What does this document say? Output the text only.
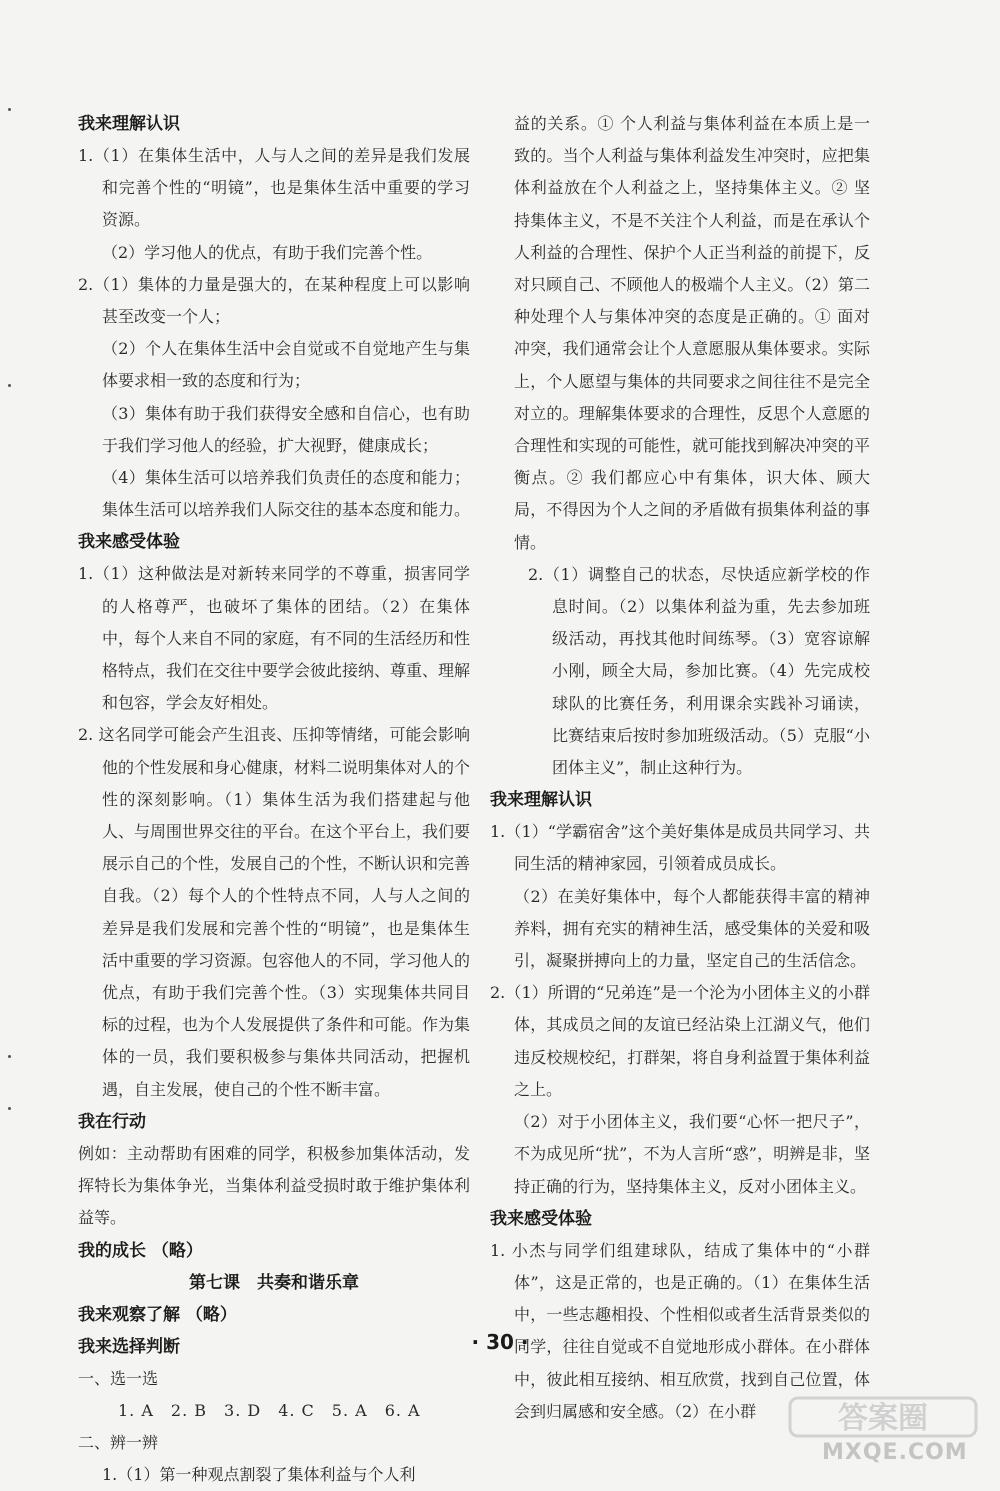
我来理解认识
1.（1）在集体生活中，人与人之间的差异是我们发展和完善个性的“明镜”，也是集体生活中重要的学习资源。
（2）学习他人的优点，有助于我们完善个性。
2.（1）集体的力量是强大的，在某种程度上可以影响甚至改变一个人；
（2）个人在集体生活中会自觉或不自觉地产生与集体要求相一致的态度和行为；
（3）集体有助于我们获得安全感和自信心，也有助于我们学习他人的经验，扩大视野，健康成长；
（4）集体生活可以培养我们负责任的态度和能力；集体生活可以培养我们人际交往的基本态度和能力。
我来感受体验
1.（1）这种做法是对新转来同学的不尊重，损害同学的人格尊严，也破坏了集体的团结。（2）在集体中，每个人来自不同的家庭，有不同的生活经历和性格特点，我们在交往中要学会彼此接纳、尊重、理解和包容，学会友好相处。
2. 这名同学可能会产生沮丧、压抑等情绪，可能会影响他的个性发展和身心健康，材料二说明集体对人的个性的深刻影响。（1）集体生活为我们搭建起与他人、与周围世界交往的平台。在这个平台上，我们要展示自己的个性，发展自己的个性，不断认识和完善自我。（2）每个人的个性特点不同，人与人之间的差异是我们发展和完善个性的“明镜”，也是集体生活中重要的学习资源。包容他人的不同，学习他人的优点，有助于我们完善个性。（3）实现集体共同目标的过程，也为个人发展提供了条件和可能。作为集体的一员，我们要积极参与集体共同活动，把握机遇，自主发展，使自己的个性不断丰富。
我在行动
例如：主动帮助有困难的同学，积极参加集体活动，发挥特长为集体争光，当集体利益受损时敢于维护集体利益等。
我的成长 （略）
第七课　共奏和谐乐章
我来观察了解 （略）
我来选择判断
一、选一选
1. A　2. B　3. D　4. C　5. A　6. A
二、辨一辨
1.（1）第一种观点割裂了集体利益与个人利
益的关系。① 个人利益与集体利益在本质上是一致的。当个人利益与集体利益发生冲突时，应把集体利益放在个人利益之上，坚持集体主义。② 坚持集体主义，不是不关注个人利益，而是在承认个人利益的合理性、保护个人正当利益的前提下，反对只顾自己、不顾他人的极端个人主义。（2）第二种处理个人与集体冲突的态度是正确的。① 面对冲突，我们通常会让个人意愿服从集体要求。实际上，个人愿望与集体的共同要求之间往往不是完全对立的。理解集体要求的合理性，反思个人意愿的合理性和实现的可能性，就可能找到解决冲突的平衡点。② 我们都应心中有集体，识大体、顾大局，不得因为个人之间的矛盾做有损集体利益的事情。
2.（1）调整自己的状态，尽快适应新学校的作息时间。（2）以集体利益为重，先去参加班级活动，再找其他时间练琴。（3）宽容谅解小刚，顾全大局，参加比赛。（4）先完成校球队的比赛任务，利用课余实践补习诵读，比赛结束后按时参加班级活动。（5）克服“小团体主义”，制止这种行为。
我来理解认识
1.（1）“学霸宿舍”这个美好集体是成员共同学习、共同生活的精神家园，引领着成员成长。
（2）在美好集体中，每个人都能获得丰富的精神养料，拥有充实的精神生活，感受集体的关爱和吸引，凝聚拼搏向上的力量，坚定自己的生活信念。
2.（1）所谓的“兄弟连”是一个沦为小团体主义的小群体，其成员之间的友谊已经沾染上江湖义气，他们违反校规校纪，打群架，将自身利益置于集体利益之上。
（2）对于小团体主义，我们要“心怀一把尺子”，不为成见所“扰”，不为人言所“惑”，明辨是非，坚持正确的行为，坚持集体主义，反对小团体主义。
我来感受体验
1. 小杰与同学们组建球队，结成了集体中的“小群体”，这是正常的，也是正确的。（1）在集体生活中，一些志趣相投、个性相似或者生活背景类似的同学，往往自觉或不自觉地形成小群体。在小群体中，彼此相互接纳、相互欣赏，找到自己位置，体会到归属感和安全感。（2）在小群
· 30 ·
答案圈
MXQE.COM
